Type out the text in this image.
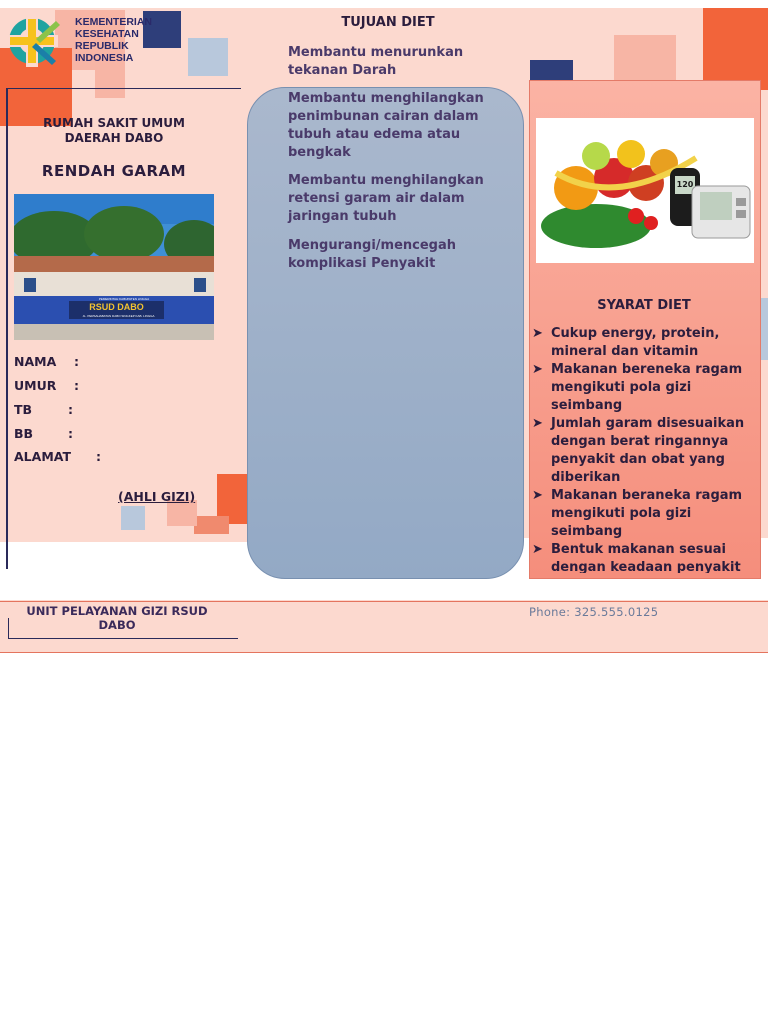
KEMENTERIAN
KESEHATAN
REPUBLIK
INDONESIA
RUMAH SAKIT UMUM
DAERAH DABO
RENDAH GARAM
PEMERINTAH KABUPATEN LINGGA
RSUD DABO
JL. PERSAHABATAN DABO SINGKEP KAB. LINGGA
NAMA :
UMUR :
TB	:
BB	:
ALAMAT :
(AHLI GIZI)
TUJUAN DIET
Membantu menurunkan tekanan Darah
Membantu menghilangkan penimbunan cairan dalam tubuh atau edema atau bengkak
Membantu menghilangkan retensi garam air dalam jaringan tubuh
Mengurangi/mencegah komplikasi Penyakit
120
SYARAT DIET
➤ Cukup energy, protein, mineral dan vitamin
➤ Makanan bereneka ragam mengikuti pola gizi seimbang
➤ Jumlah garam disesuaikan dengan berat ringannya penyakit dan obat yang diberikan
➤ Makanan beraneka ragam mengikuti pola gizi seimbang
➤ Bentuk makanan sesuai dengan keadaan penyakit
UNIT PELAYANAN GIZI RSUD
DABO
Phone: 325.555.0125
